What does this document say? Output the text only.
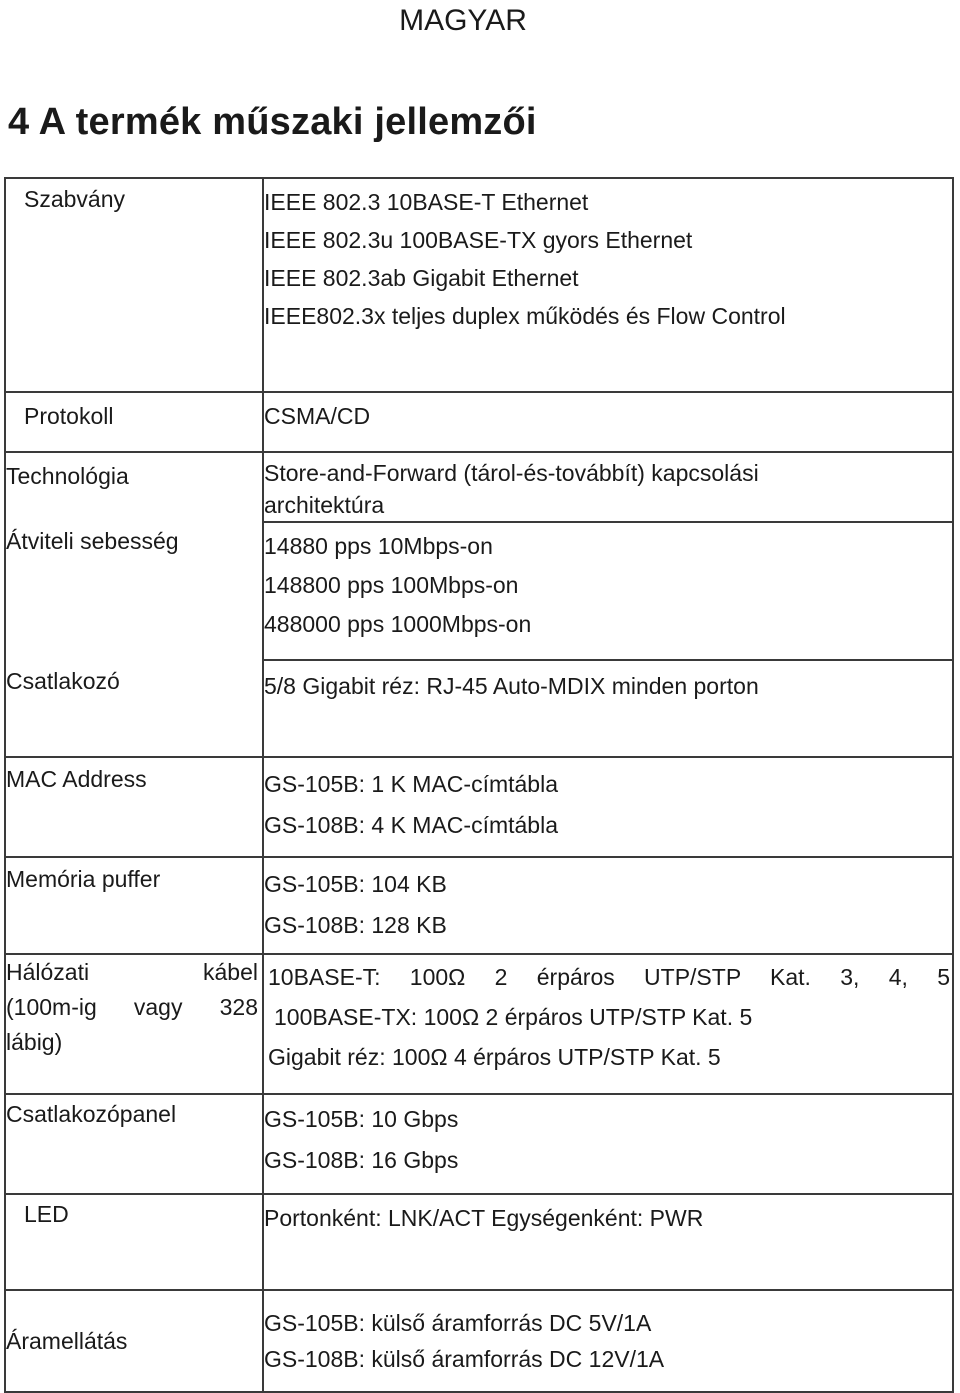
MAGYAR
4 A termék műszaki jellemzői
Szabvány	IEEE 802.3 10BASE-T Ethernet
IEEE 802.3u 100BASE-TX gyors Ethernet
IEEE 802.3ab Gigabit Ethernet
IEEE802.3x teljes duplex működés és Flow Control

Protokoll	CSMA/CD

Technológia	Store-and-Forward (tárol-és-továbbít) kapcsolási
architektúra

Átviteli sebesség	14880 pps 10Mbps-on
148800 pps 100Mbps-on
488000 pps 1000Mbps-on

Csatlakozó	5/8 Gigabit réz: RJ-45 Auto-MDIX minden porton

MAC Address	GS-105B: 1 K MAC-címtábla
GS-108B: 4 K MAC-címtábla

Memória puffer	GS-105B: 104 KB
GS-108B: 128 KB

Hálózati kábel
(100m-ig vagy 328
lábig)	10BASE-T: 100Ω 2 érpáros UTP/STP Kat. 3, 4, 5
100BASE-TX: 100Ω 2 érpáros UTP/STP Kat. 5
Gigabit réz: 100Ω 4 érpáros UTP/STP Kat. 5

Csatlakozópanel	GS-105B: 10 Gbps
GS-108B: 16 Gbps

LED	Portonként: LNK/ACT Egységenként: PWR

Áramellátás	GS-105B: külső áramforrás DC 5V/1A
GS-108B: külső áramforrás DC 12V/1A
